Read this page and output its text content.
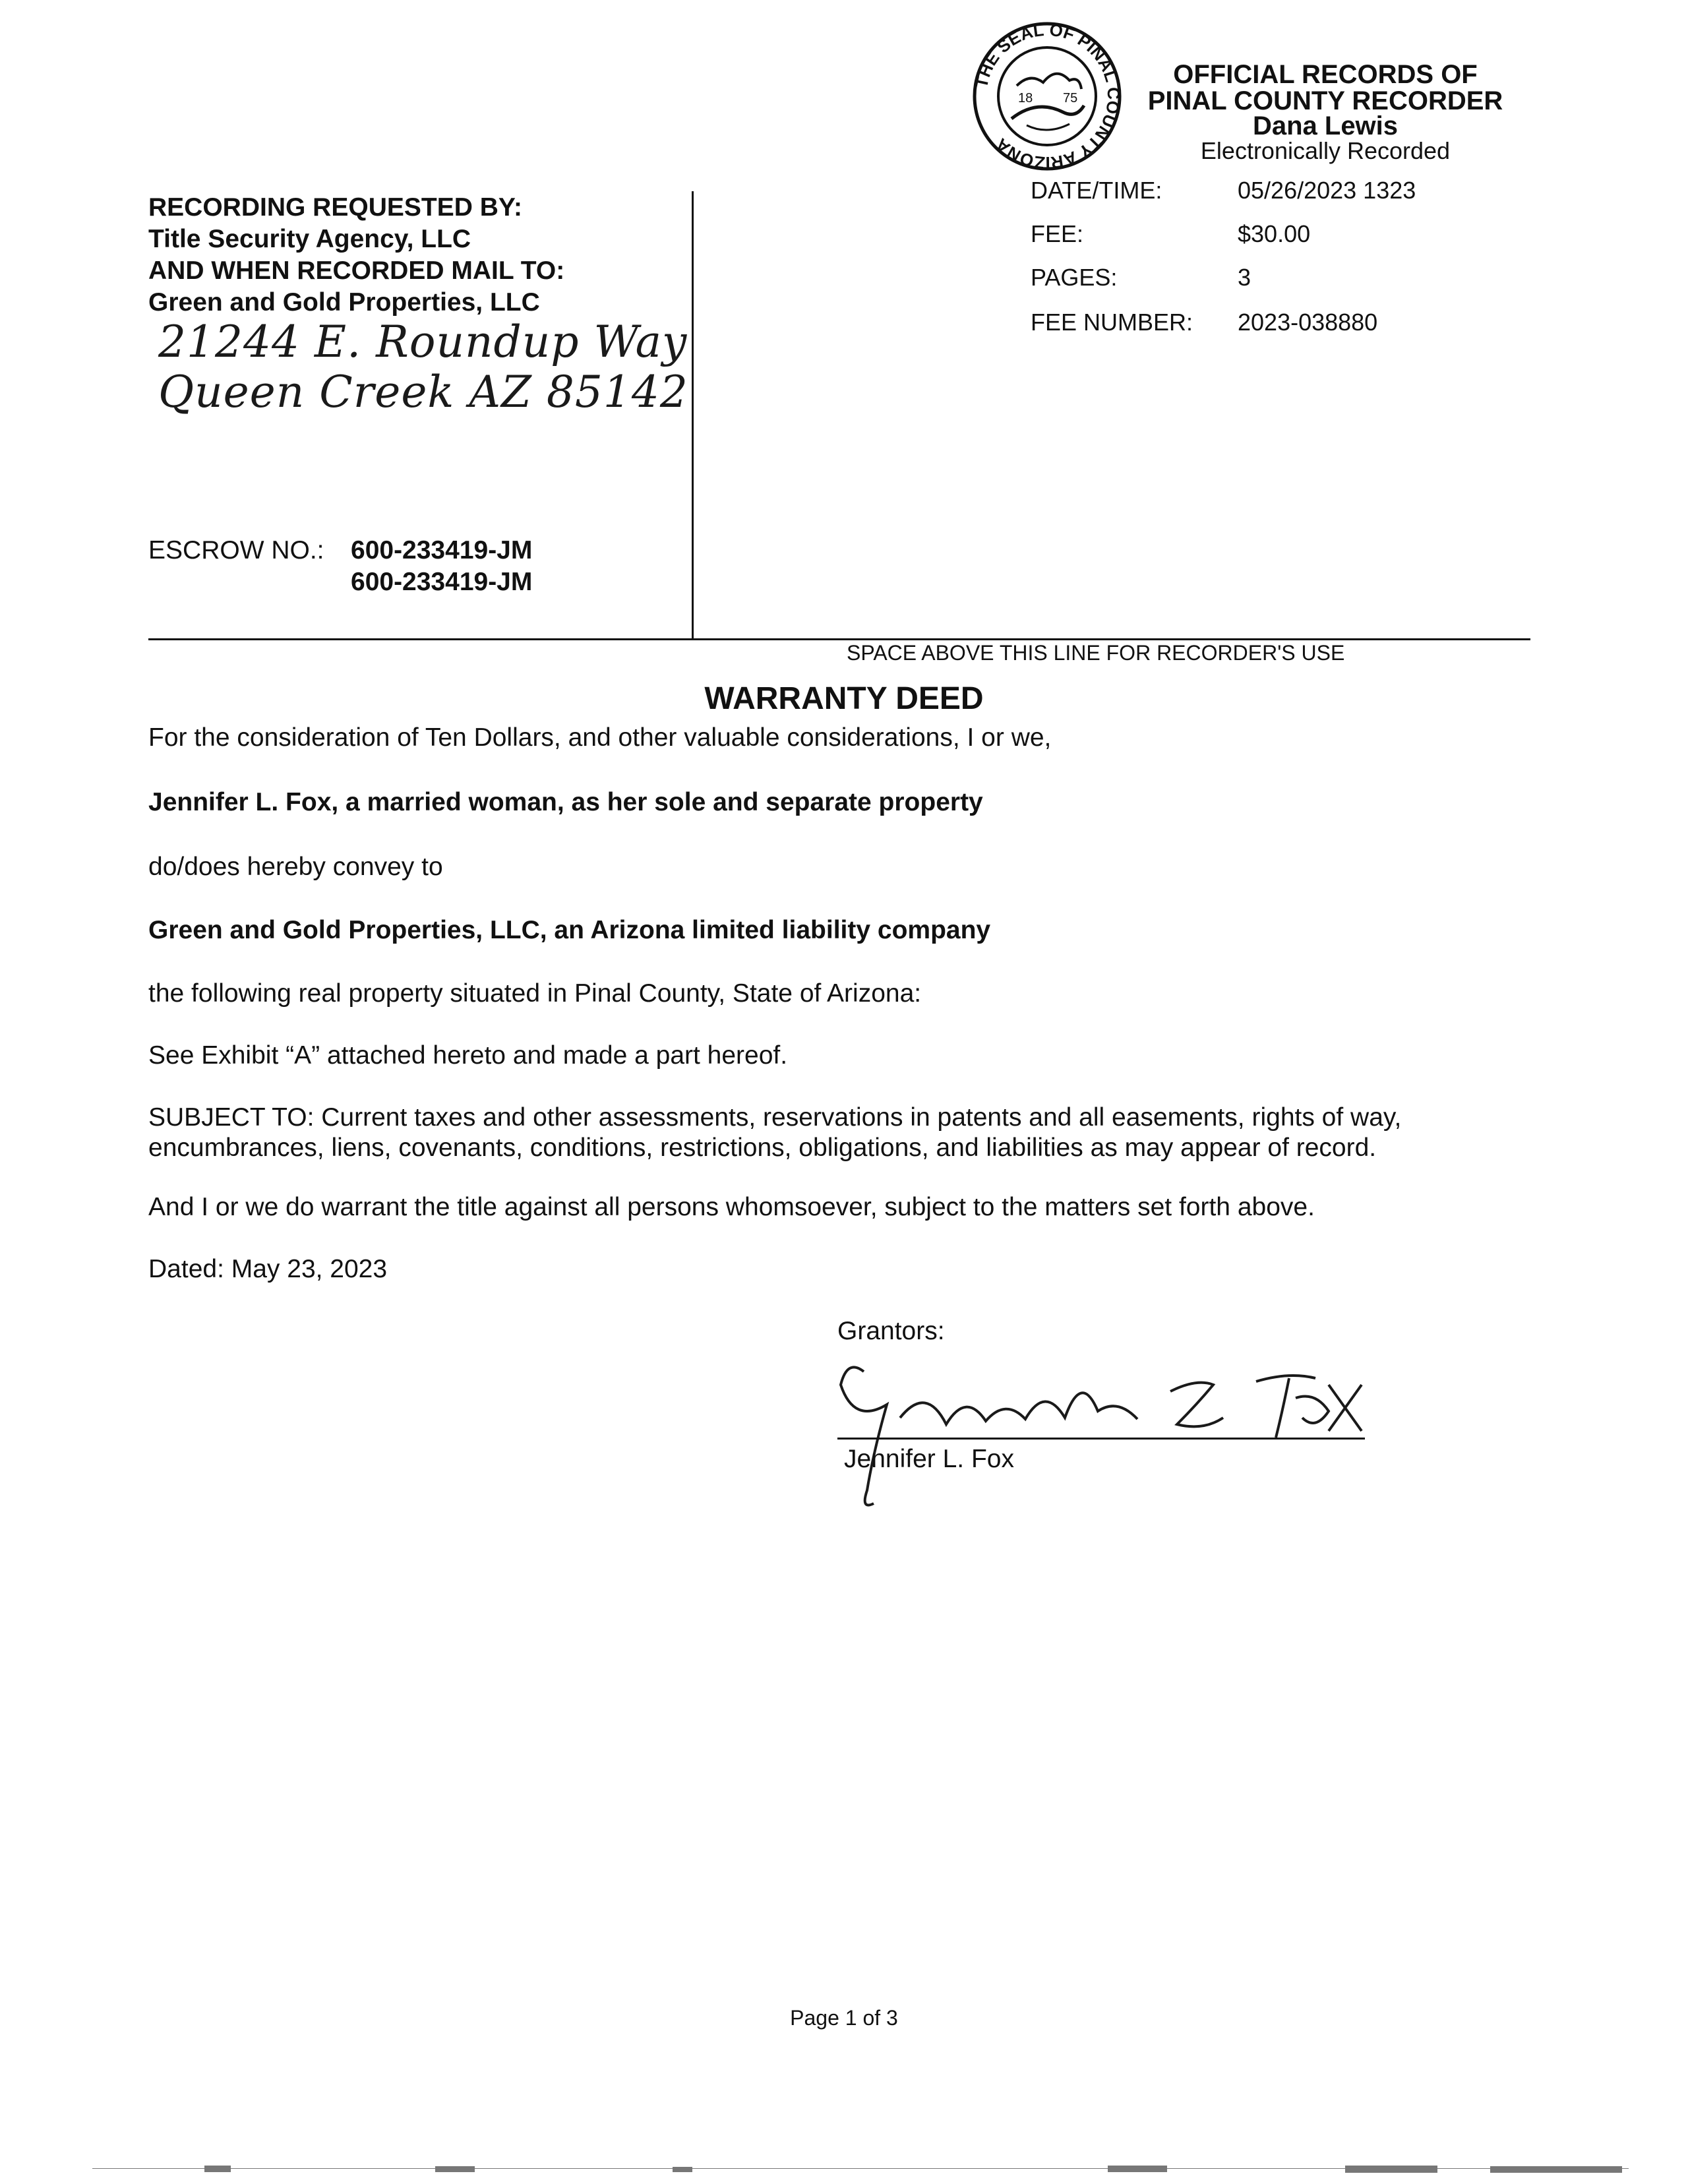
THE SEAL OF PINAL COUNTY ARIZONA
18 75
OFFICIAL RECORDS OF
PINAL COUNTY RECORDER
Dana Lewis
Electronically Recorded
DATE/TIME:	05/26/2023 1323
FEE:	$30.00
PAGES:	3
FEE NUMBER: 2023-038880
RECORDING REQUESTED BY:
Title Security Agency, LLC
AND WHEN RECORDED MAIL TO:
Green and Gold Properties, LLC
21244 E. Roundup Way
Queen Creek AZ 85142
ESCROW NO.: 600-233419-JM
600-233419-JM
SPACE ABOVE THIS LINE FOR RECORDER'S USE
WARRANTY DEED
For the consideration of Ten Dollars, and other valuable considerations, I or we,
Jennifer L. Fox, a married woman, as her sole and separate property
do/does hereby convey to
Green and Gold Properties, LLC, an Arizona limited liability company
the following real property situated in Pinal County, State of Arizona:
See Exhibit “A” attached hereto and made a part hereof.
SUBJECT TO: Current taxes and other assessments, reservations in patents and all easements, rights of way,
encumbrances, liens, covenants, conditions, restrictions, obligations, and liabilities as may appear of record.
And I or we do warrant the title against all persons whomsoever, subject to the matters set forth above.
Dated: May 23, 2023
Grantors:
Jennifer L. Fox
Page 1 of 3
